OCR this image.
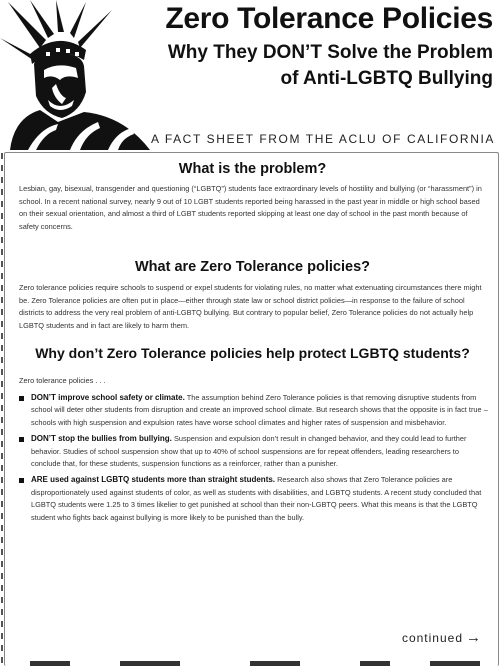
Zero Tolerance Policies
Why They DON’T Solve the Problem
of Anti-LGBTQ Bullying
A FACT SHEET FROM THE ACLU OF CALIFORNIA
What is the problem?

Lesbian, gay, bisexual, transgender and questioning (“LGBTQ”) students face extraordinary levels of hostility and bullying (or “harassment”) in school. In a recent national survey, nearly 9 out of 10 LGBT students reported being harassed in the past year in middle or high school based on their sexual orientation, and almost a third of LGBT students reported skipping at least one day of school in the past month because of safety concerns.

What are Zero Tolerance policies?

Zero tolerance policies require schools to suspend or expel students for violating rules, no matter what extenuating circumstances there might be. Zero Tolerance policies are often put in place—either through state law or school district policies—in response to the failure of school districts to address the very real problem of anti-LGBTQ bullying. But contrary to popular belief, Zero Tolerance policies do not actually help LGBTQ students and in fact are likely to harm them.

Why don’t Zero Tolerance policies help protect LGBTQ students?
Zero tolerance policies . . .
DON’T improve school safety or climate. The assumption behind Zero Tolerance policies is that removing disruptive students from school will deter other students from disruption and create an improved school climate. But research shows that the opposite is in fact true – schools with high suspension and expulsion rates have worse school climates and higher rates of suspension and misbehavior.
DON’T stop the bullies from bullying. Suspension and expulsion don’t result in changed behavior, and they could lead to further behavior. Studies of school suspension show that up to 40% of school suspensions are for repeat offenders, leading researchers to conclude that, for these students, suspension functions as a reinforcer, rather than a punisher.
ARE used against LGBTQ students more than straight students. Research also shows that Zero Tolerance policies are disproportionately used against students of color, as well as students with disabilities, and LGBTQ students. A recent study concluded that LGBTQ students were 1.25 to 3 times likelier to get punished at school than their non-LGBTQ peers. What this means is that the LGBTQ student who fights back against bullying is more likely to be punished than the bully.
continued →
